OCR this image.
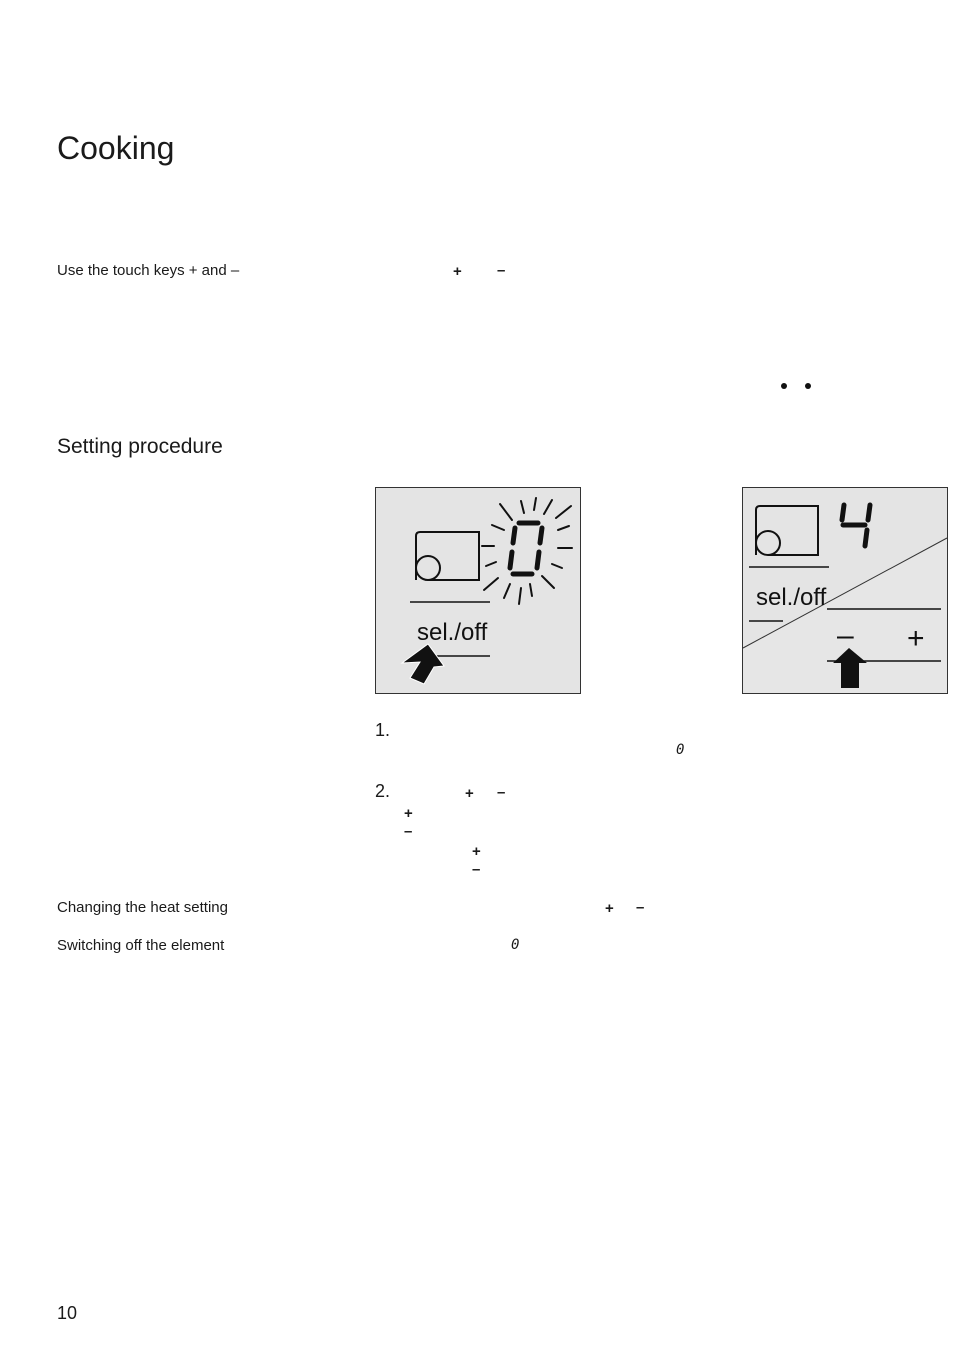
Cooking
Use the touch keys + and –	+ –
Setting procedure
sel./off
sel./off
– +
1.
0
2.	+ –
+
–
+
–
Changing the heat setting	+ –
Switching off the element	0
10
